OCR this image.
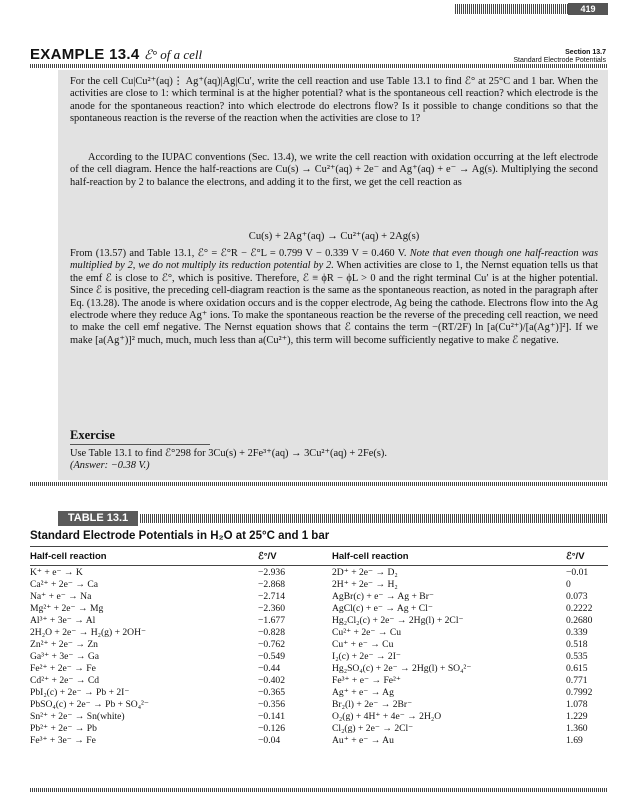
419
EXAMPLE 13.4 ℰ° of a cell	Section 13.7
Standard Electrode Potentials

For the cell Cu|Cu²⁺(aq)⋮ Ag⁺(aq)|Ag|Cu′, write the cell reaction and use Table 13.1 to find ℰ° at 25°C and 1 bar. When the activities are close to 1: which terminal is at the higher potential? what is the spontaneous cell reaction? which electrode is the anode for the spontaneous reaction? into which electrode do electrons flow? Is it possible to change conditions so that the spontaneous reaction is the reverse of the reaction when the activities are close to 1?

According to the IUPAC conventions (Sec. 13.4), we write the cell reaction with oxidation occurring at the left electrode of the cell diagram. Hence the half-reactions are Cu(s) → Cu²⁺(aq) + 2e⁻ and Ag⁺(aq) + e⁻ → Ag(s). Multiplying the second half-reaction by 2 to balance the electrons, and adding it to the first, we get the cell reaction as

Cu(s) + 2Ag⁺(aq) → Cu²⁺(aq) + 2Ag(s)

From (13.57) and Table 13.1, ℰ° = ℰ°R − ℰ°L = 0.799 V − 0.339 V = 0.460 V. Note that even though one half-reaction was multiplied by 2, we do not multiply its reduction potential by 2. When activities are close to 1, the Nernst equation tells us that the emf ℰ is close to ℰ°, which is positive. Therefore, ℰ ≡ ϕR − ϕL > 0 and the right terminal Cu′ is at the higher potential. Since ℰ is positive, the preceding cell-diagram reaction is the same as the spontaneous reaction, as noted in the paragraph after Eq. (13.28). The anode is where oxidation occurs and is the copper electrode, Ag being the cathode. Electrons flow into the Ag electrode where they reduce Ag⁺ ions. To make the spontaneous reaction be the reverse of the preceding cell reaction, we need to make the cell emf negative. The Nernst equation shows that ℰ contains the term −(RT/2F) ln [a(Cu²⁺)/[a(Ag⁺)]²]. If we make [a(Ag⁺)]² much, much, much less than a(Cu²⁺), this term will become sufficiently negative to make ℰ negative.

Exercise

Use Table 13.1 to find ℰ°298 for 3Cu(s) + 2Fe³⁺(aq) → 3Cu²⁺(aq) + 2Fe(s).
(Answer: −0.38 V.)

TABLE 13.1
Standard Electrode Potentials in H₂O at 25°C and 1 bar
Half-cell reaction	ℰ°/V	Half-cell reaction	ℰ°/V
K⁺ + e⁻ → K	−2.936	2D⁺ + 2e⁻ → D₂	−0.01
Ca²⁺ + 2e⁻ → Ca	−2.868	2H⁺ + 2e⁻ → H₂	0
Na⁺ + e⁻ → Na	−2.714	AgBr(c) + e⁻ → Ag + Br⁻	0.073
Mg²⁺ + 2e⁻ → Mg	−2.360	AgCl(c) + e⁻ → Ag + Cl⁻	0.2222
Al³⁺ + 3e⁻ → Al	−1.677	Hg₂Cl₂(c) + 2e⁻ → 2Hg(l) + 2Cl⁻	0.2680
2H₂O + 2e⁻ → H₂(g) + 2OH⁻	−0.828	Cu²⁺ + 2e⁻ → Cu	0.339
Zn²⁺ + 2e⁻ → Zn	−0.762	Cu⁺ + e⁻ → Cu	0.518
Ga³⁺ + 3e⁻ → Ga	−0.549	I₂(c) + 2e⁻ → 2I⁻	0.535
Fe²⁺ + 2e⁻ → Fe	−0.44	Hg₂SO₄(c) + 2e⁻ → 2Hg(l) + SO₄²⁻	0.615
Cd²⁺ + 2e⁻ → Cd	−0.402	Fe³⁺ + e⁻ → Fe²⁺	0.771
PbI₂(c) + 2e⁻ → Pb + 2I⁻	−0.365	Ag⁺ + e⁻ → Ag	0.7992
PbSO₄(c) + 2e⁻ → Pb + SO₄²⁻	−0.356	Br₂(l) + 2e⁻ → 2Br⁻	1.078
Sn²⁺ + 2e⁻ → Sn(white)	−0.141	O₂(g) + 4H⁺ + 4e⁻ → 2H₂O	1.229
Pb²⁺ + 2e⁻ → Pb	−0.126	Cl₂(g) + 2e⁻ → 2Cl⁻	1.360
Fe³⁺ + 3e⁻ → Fe	−0.04	Au⁺ + e⁻ → Au	1.69
